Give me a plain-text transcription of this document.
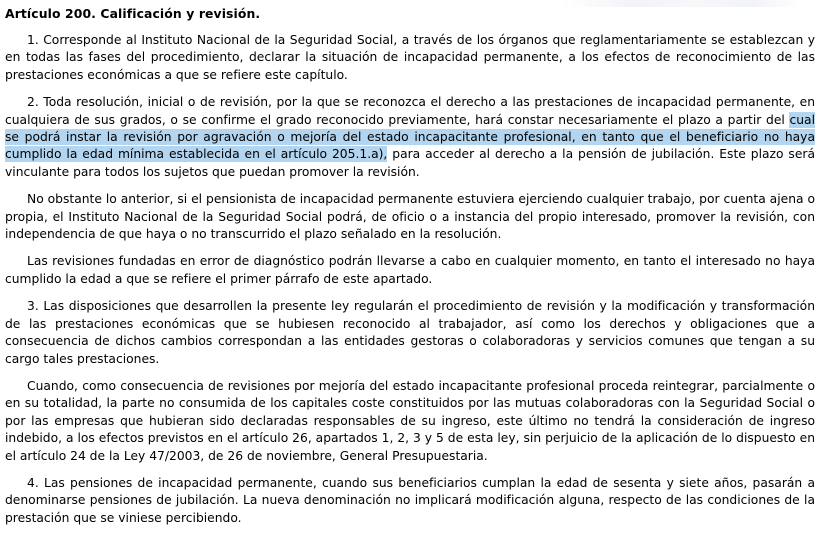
Artículo 200. Calificación y revisión.

1. Corresponde al Instituto Nacional de la Seguridad Social, a través de los órganos que reglamentariamente se establezcan y en todas las fases del procedimiento, declarar la situación de incapacidad permanente, a los efectos de reconocimiento de las prestaciones económicas a que se refiere este capítulo.

2. Toda resolución, inicial o de revisión, por la que se reconozca el derecho a las prestaciones de incapacidad permanente, en cualquiera de sus grados, o se confirme el grado reconocido previamente, hará constar necesariamente el plazo a partir del cual se podrá instar la revisión por agravación o mejoría del estado incapacitante profesional, en tanto que el beneficiario no haya cumplido la edad mínima establecida en el artículo 205.1.a), para acceder al derecho a la pensión de jubilación. Este plazo será vinculante para todos los sujetos que puedan promover la revisión.

No obstante lo anterior, si el pensionista de incapacidad permanente estuviera ejerciendo cualquier trabajo, por cuenta ajena o propia, el Instituto Nacional de la Seguridad Social podrá, de oficio o a instancia del propio interesado, promover la revisión, con independencia de que haya o no transcurrido el plazo señalado en la resolución.

Las revisiones fundadas en error de diagnóstico podrán llevarse a cabo en cualquier momento, en tanto el interesado no haya cumplido la edad a que se refiere el primer párrafo de este apartado.

3. Las disposiciones que desarrollen la presente ley regularán el procedimiento de revisión y la modificación y transformación de las prestaciones económicas que se hubiesen reconocido al trabajador, así como los derechos y obligaciones que a consecuencia de dichos cambios correspondan a las entidades gestoras o colaboradoras y servicios comunes que tengan a su cargo tales prestaciones.

Cuando, como consecuencia de revisiones por mejoría del estado incapacitante profesional proceda reintegrar, parcialmente o en su totalidad, la parte no consumida de los capitales coste constituidos por las mutuas colaboradoras con la Seguridad Social o por las empresas que hubieran sido declaradas responsables de su ingreso, este último no tendrá la consideración de ingreso indebido, a los efectos previstos en el artículo 26, apartados 1, 2, 3 y 5 de esta ley, sin perjuicio de la aplicación de lo dispuesto en el artículo 24 de la Ley 47/2003, de 26 de noviembre, General Presupuestaria.

4. Las pensiones de incapacidad permanente, cuando sus beneficiarios cumplan la edad de sesenta y siete años, pasarán a denominarse pensiones de jubilación. La nueva denominación no implicará modificación alguna, respecto de las condiciones de la prestación que se viniese percibiendo.
